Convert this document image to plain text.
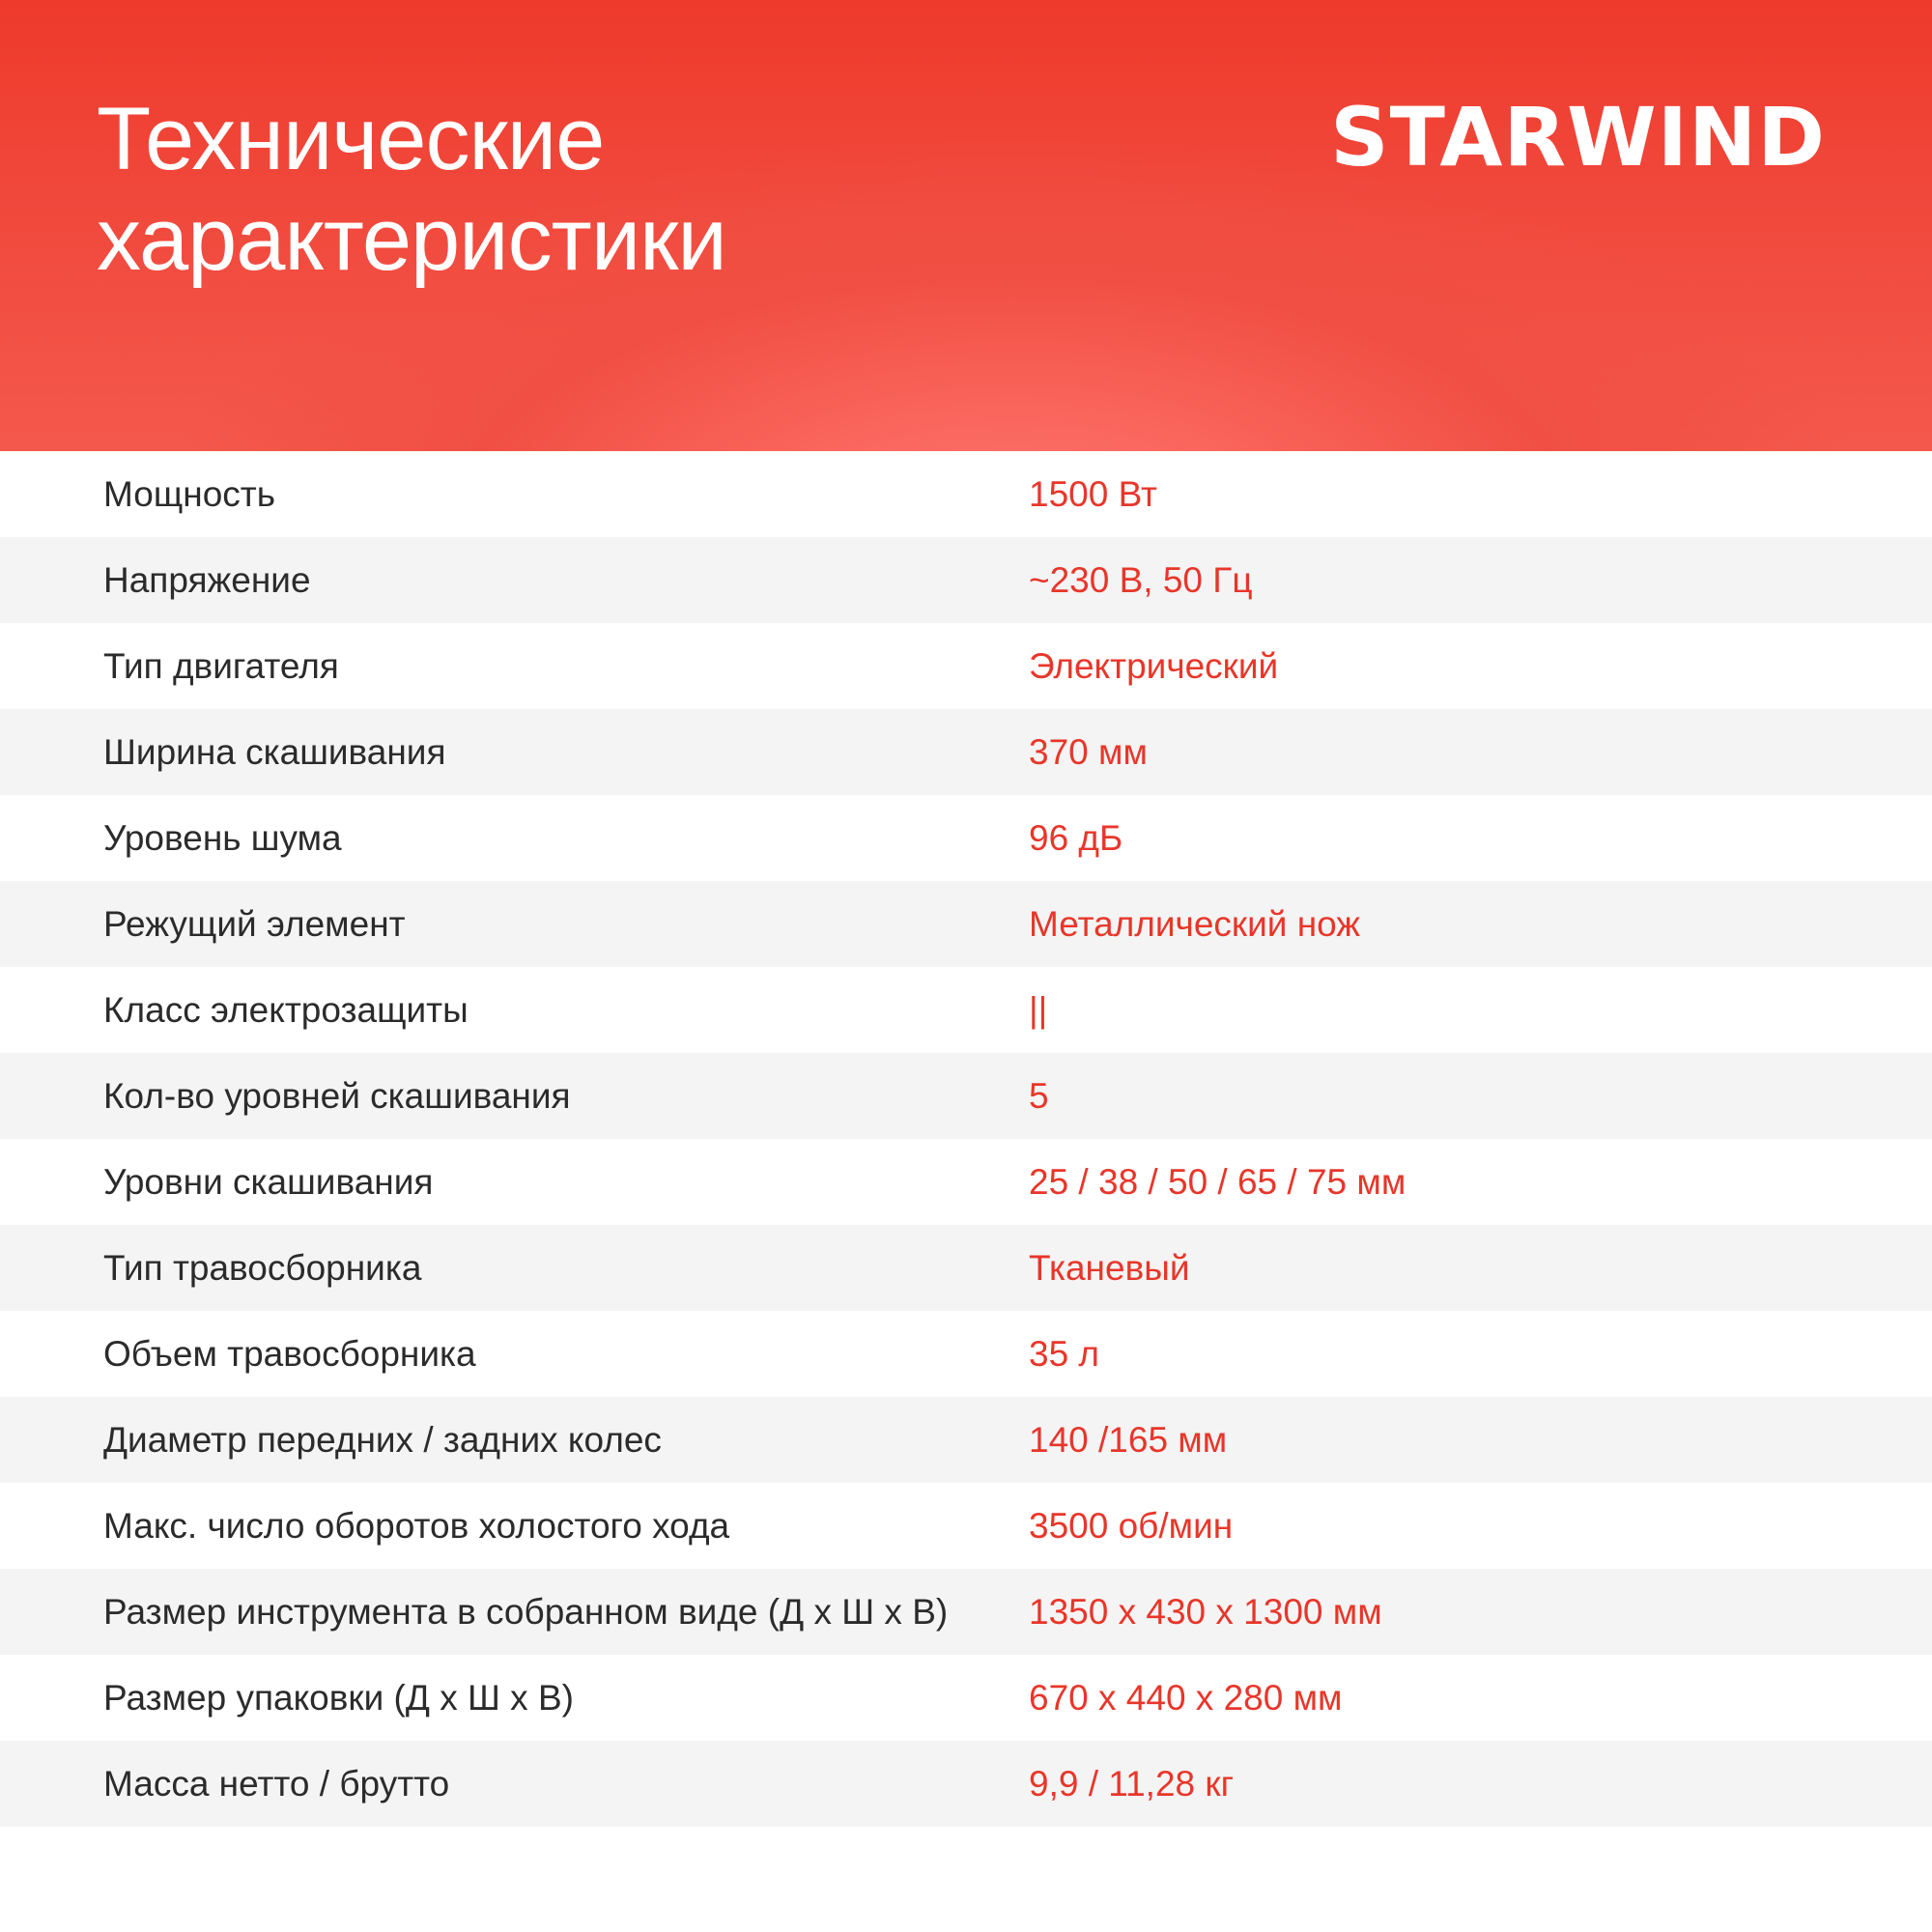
Технические
характеристики
STARWIND
Мощность	1500 Вт
Напряжение	~230 В, 50 Гц
Тип двигателя	Электрический
Ширина скашивания	370 мм
Уровень шума	96 дБ
Режущий элемент	Металлический нож
Класс электрозащиты	||
Кол-во уровней скашивания	5
Уровни скашивания	25 / 38 / 50 / 65 / 75 мм
Тип травосборника	Тканевый
Объем травосборника	35 л
Диаметр передних / задних колес	140 /165 мм
Макс. число оборотов холостого хода	3500 об/мин
Размер инструмента в собранном виде (Д х Ш х В) 1350 х 430 х 1300 мм
Размер упаковки (Д х Ш х В)	670 х 440 х 280 мм
Масса нетто / брутто	9,9 / 11,28 кг
